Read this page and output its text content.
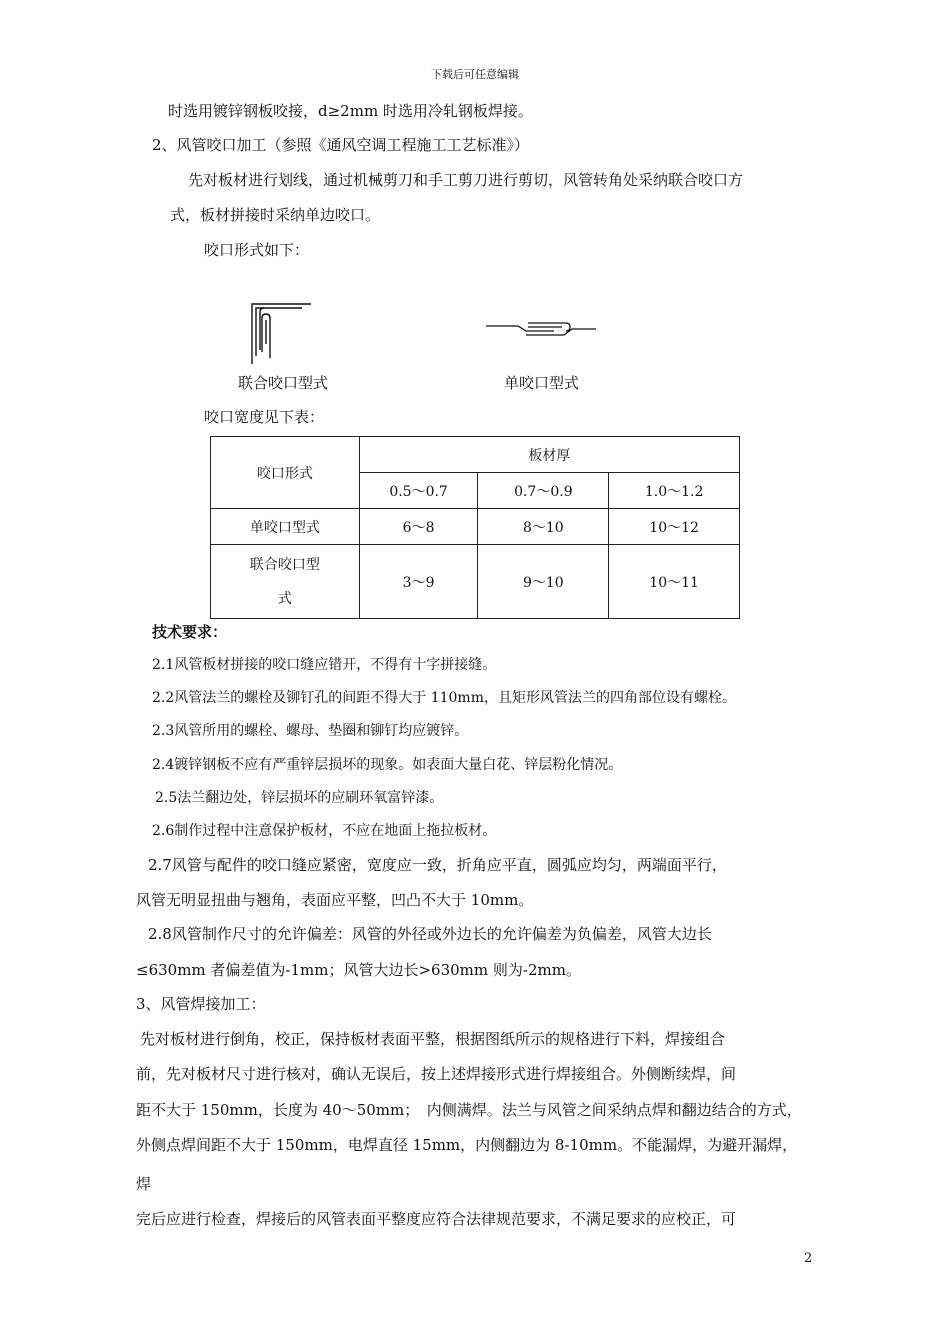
下载后可任意编辑
时选用镀锌钢板咬接，d≥2mm 时选用冷轧钢板焊接。
2、风管咬口加工（参照《通风空调工程施工工艺标准》）
先对板材进行划线，通过机械剪刀和手工剪刀进行剪切，风管转角处采纳联合咬口方
式，板材拼接时采纳单边咬口。
咬口形式如下：
联合咬口型式	单咬口型式
咬口宽度见下表：
咬口形式	板材厚		
	0.5～0.7	0.7～0.9	1.0～1.2
单咬口型式	6～8	8～10	10～12

联合咬口型
式	3～9	9～10	10～11
技术要求：
2.1风管板材拼接的咬口缝应错开，不得有十字拼接缝。
2.2风管法兰的螺栓及铆钉孔的间距不得大于 110mm，且矩形风管法兰的四角部位设有螺栓。
2.3风管所用的螺栓、螺母、垫圈和铆钉均应镀锌。
2.4镀锌钢板不应有严重锌层损坏的现象。如表面大量白花、锌层粉化情况。
2.5法兰翻边处，锌层损坏的应刷环氧富锌漆。
2.6制作过程中注意保护板材，不应在地面上拖拉板材。
2.7风管与配件的咬口缝应紧密，宽度应一致，折角应平直，圆弧应均匀，两端面平行，
风管无明显扭曲与翘角，表面应平整，凹凸不大于 10mm。
2.8风管制作尺寸的允许偏差：风管的外径或外边长的允许偏差为负偏差，风管大边长
≤630mm 者偏差值为-1mm；风管大边长>630mm 则为-2mm。
3、风管焊接加工：
先对板材进行倒角，校正，保持板材表面平整，根据图纸所示的规格进行下料，焊接组合
前，先对板材尺寸进行核对，确认无误后，按上述焊接形式进行焊接组合。外侧断续焊，间
距不大于 150mm，长度为 40～50mm；　内侧满焊。法兰与风管之间采纳点焊和翻边结合的方式，
外侧点焊间距不大于 150mm，电焊直径 15mm，内侧翻边为 8-10mm。不能漏焊，为避开漏焊，
焊
完后应进行检查，焊接后的风管表面平整度应符合法律规范要求，不满足要求的应校正，可
2
